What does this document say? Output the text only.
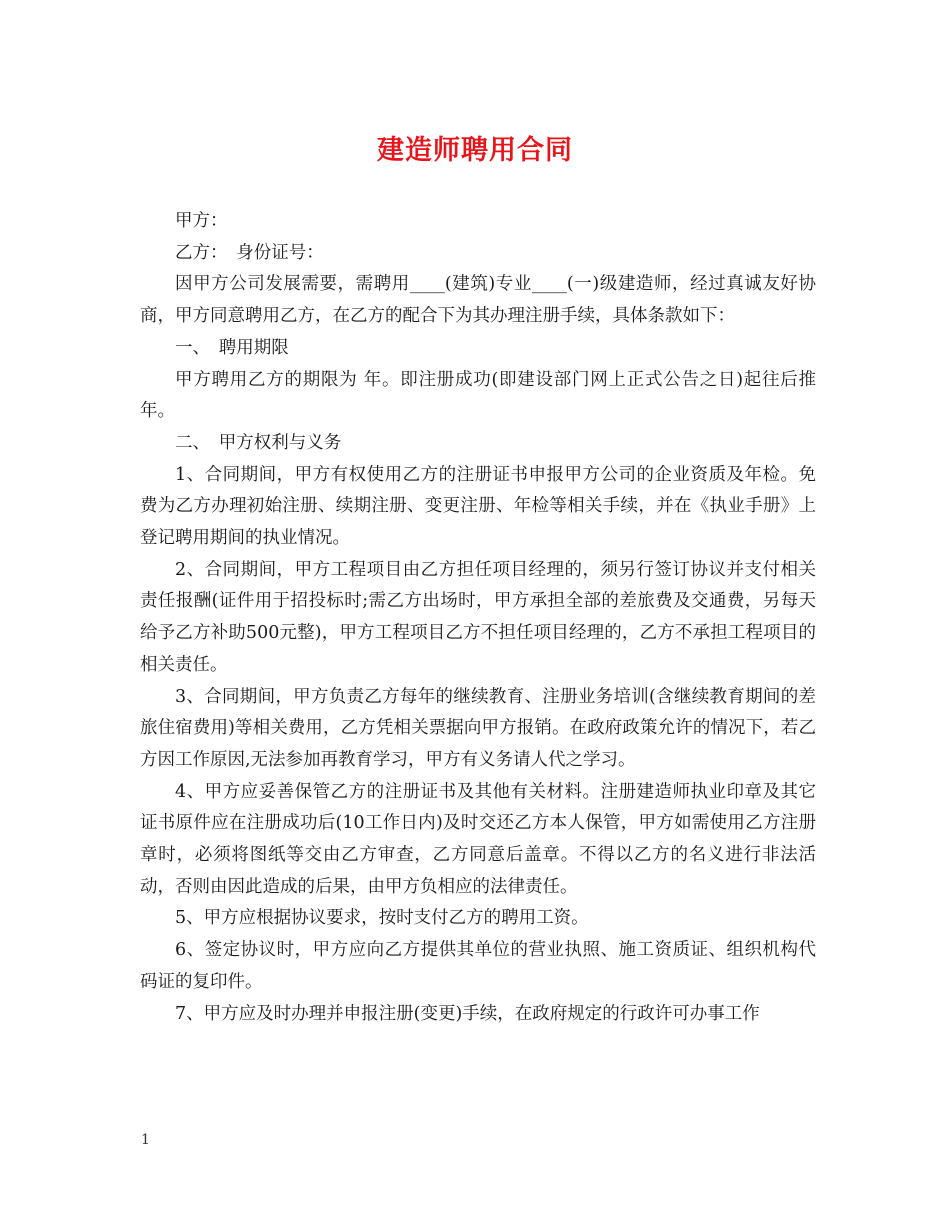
建造师聘用合同

甲方：

乙方：　身份证号：

因甲方公司发展需要，需聘用____(建筑)专业____(一)级建造师，经过真诚友好协商，甲方同意聘用乙方，在乙方的配合下为其办理注册手续，具体条款如下：

一、　聘用期限

甲方聘用乙方的期限为 年。即注册成功(即建设部门网上正式公告之日)起往后推 年。

二、　甲方权利与义务

1、合同期间，甲方有权使用乙方的注册证书申报甲方公司的企业资质及年检。免费为乙方办理初始注册、续期注册、变更注册、年检等相关手续，并在《执业手册》上登记聘用期间的执业情况。

2、合同期间，甲方工程项目由乙方担任项目经理的，须另行签订协议并支付相关责任报酬(证件用于招投标时;需乙方出场时，甲方承担全部的差旅费及交通费，另每天给予乙方补助500元整)，甲方工程项目乙方不担任项目经理的，乙方不承担工程项目的相关责任。

3、合同期间，甲方负责乙方每年的继续教育、注册业务培训(含继续教育期间的差旅住宿费用)等相关费用，乙方凭相关票据向甲方报销。在政府政策允许的情况下，若乙方因工作原因,无法参加再教育学习，甲方有义务请人代之学习。

4、甲方应妥善保管乙方的注册证书及其他有关材料。注册建造师执业印章及其它证书原件应在注册成功后(10工作日内)及时交还乙方本人保管，甲方如需使用乙方注册章时，必须将图纸等交由乙方审查，乙方同意后盖章。不得以乙方的名义进行非法活动，否则由因此造成的后果，由甲方负相应的法律责任。

5、甲方应根据协议要求，按时支付乙方的聘用工资。

6、签定协议时，甲方应向乙方提供其单位的营业执照、施工资质证、组织机构代码证的复印件。

7、甲方应及时办理并申报注册(变更)手续，在政府规定的行政许可办事工作

1
